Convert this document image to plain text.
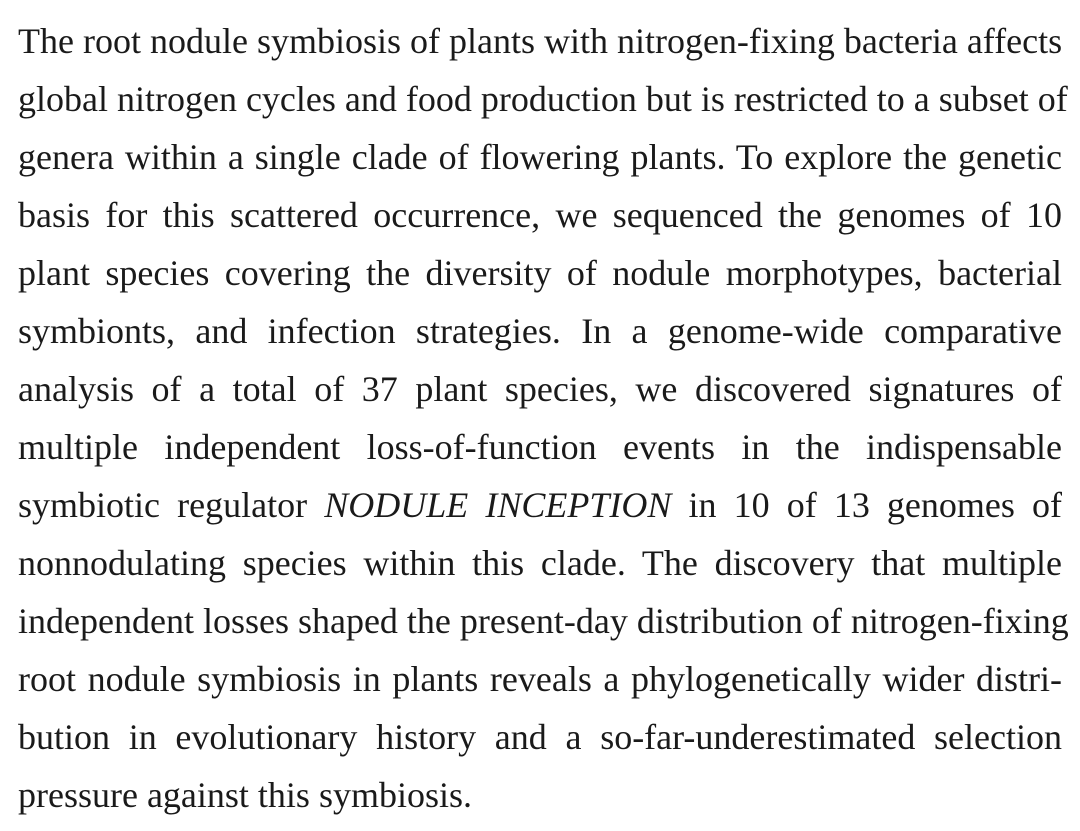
The root nodule symbiosis of plants with nitrogen-fixing bacteria affects
global nitrogen cycles and food production but is restricted to a subset of
genera within a single clade of flowering plants. To explore the genetic
basis for this scattered occurrence, we sequenced the genomes of 10
plant species covering the diversity of nodule morphotypes, bacterial
symbionts, and infection strategies. In a genome-wide comparative
analysis of a total of 37 plant species, we discovered signatures of
multiple independent loss-of-function events in the indispensable
symbiotic regulator NODULE INCEPTION in 10 of 13 genomes of
nonnodulating species within this clade. The discovery that multiple
independent losses shaped the present-day distribution of nitrogen-fixing
root nodule symbiosis in plants reveals a phylogenetically wider distri-
bution in evolutionary history and a so-far-underestimated selection
pressure against this symbiosis.
